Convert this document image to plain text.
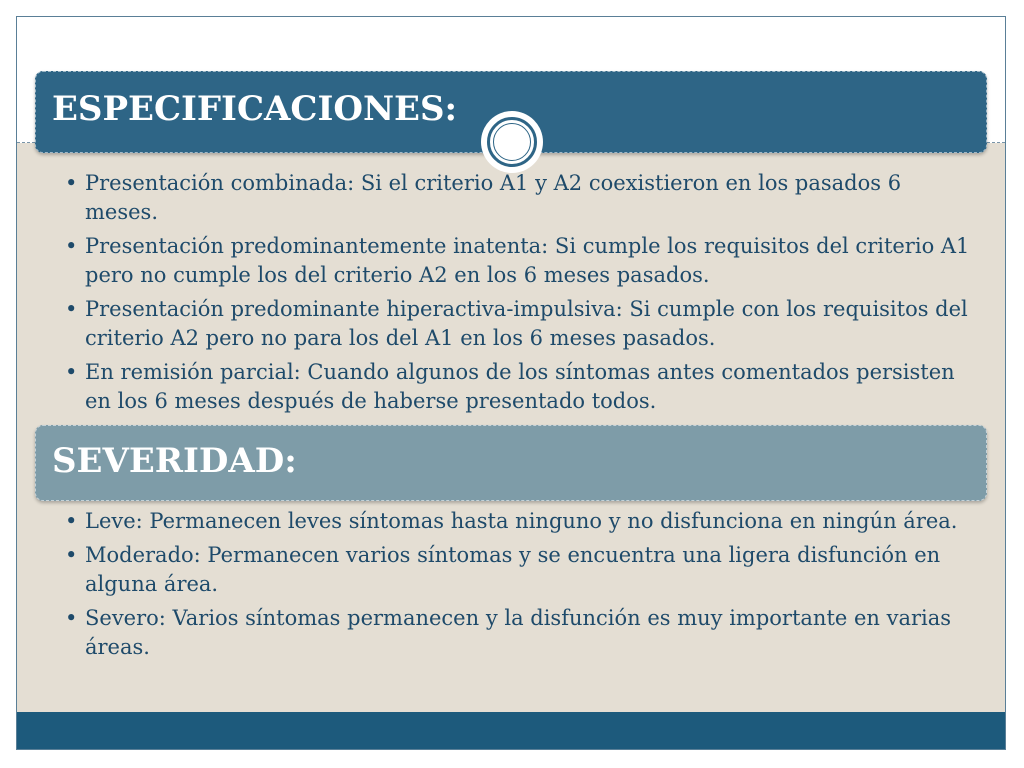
ESPECIFICACIONES:
• Presentación combinada: Si el criterio A1 y A2 coexistieron en los pasados 6 meses.
• Presentación predominantemente inatenta: Si cumple los requisitos del criterio A1 pero no cumple los del criterio A2 en los 6 meses pasados.
• Presentación predominante hiperactiva-impulsiva: Si cumple con los requisitos del criterio A2 pero no para los del A1 en los 6 meses pasados.
• En remisión parcial: Cuando algunos de los síntomas antes comentados persisten en los 6 meses después de haberse presentado todos.
SEVERIDAD:
• Leve: Permanecen leves síntomas hasta ninguno y no disfunciona en ningún área.
• Moderado: Permanecen varios síntomas y se encuentra una ligera disfunción en alguna área.
• Severo: Varios síntomas permanecen y la disfunción es muy importante en varias áreas.
